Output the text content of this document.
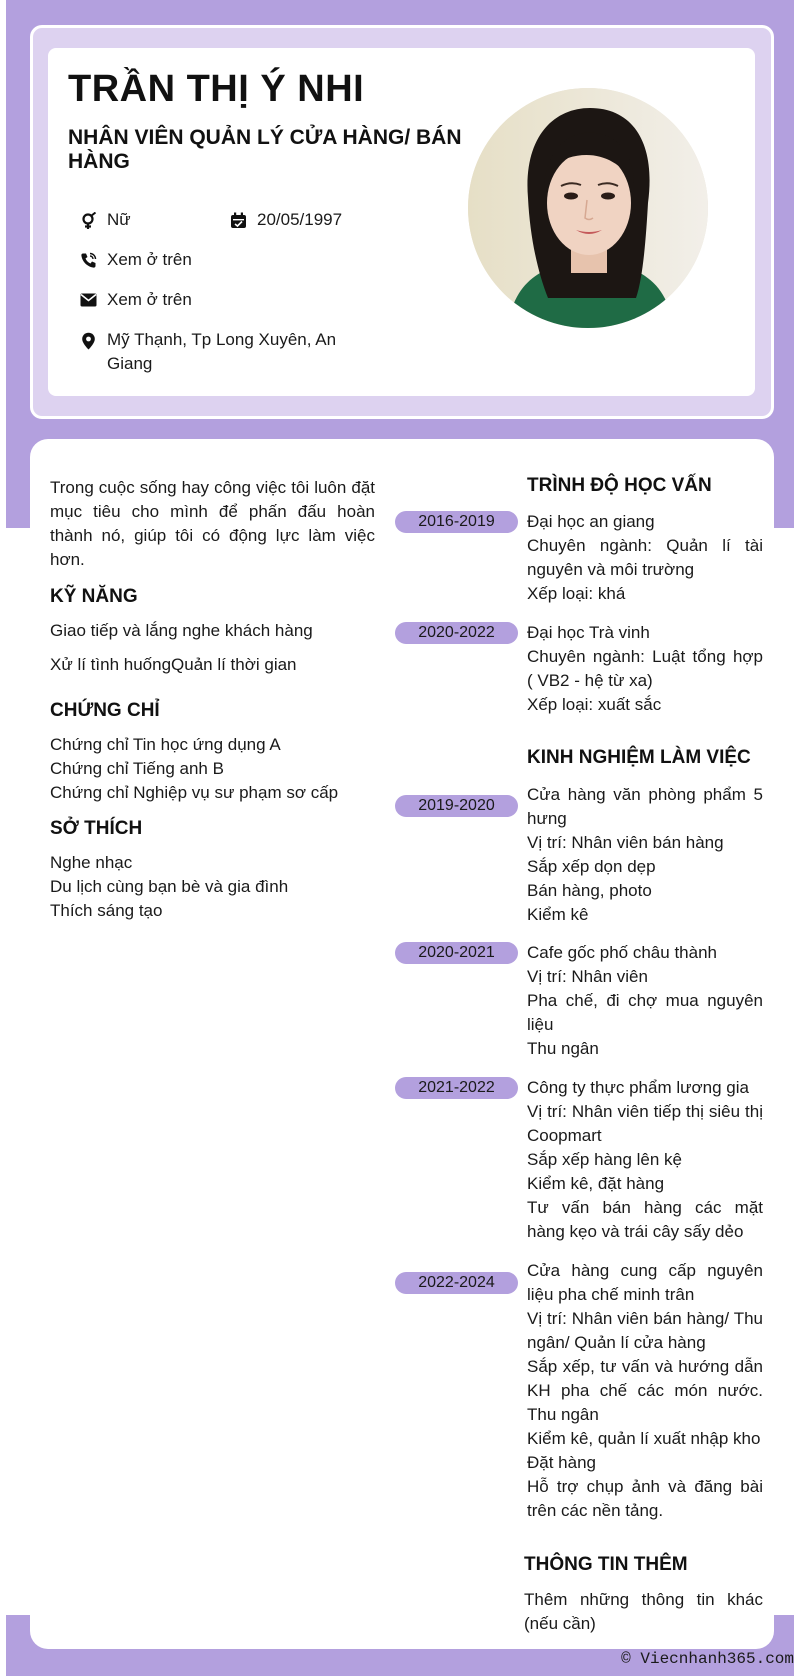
TRẦN THỊ Ý NHI
NHÂN VIÊN QUẢN LÝ CỬA HÀNG/ BÁN HÀNG
Nữ	20/05/1997
Xem ở trên
Xem ở trên
Mỹ Thạnh, Tp Long Xuyên, An Giang
Trong cuộc sống hay công việc tôi luôn đặt mục tiêu cho mình để phấn đấu hoàn thành nó, giúp tôi có động lực làm việc hơn.
KỸ NĂNG
Giao tiếp và lắng nghe khách hàng
Xử lí tình huốngQuản lí thời gian
CHỨNG CHỈ
Chứng chỉ Tin học ứng dụng A
Chứng chỉ Tiếng anh B
Chứng chỉ Nghiệp vụ sư phạm sơ cấp
SỞ THÍCH
Nghe nhạc
Du lịch cùng bạn bè và gia đình
Thích sáng tạo
TRÌNH ĐỘ HỌC VẤN
2016-2019	Đại học an giang
Chuyên ngành: Quản lí tài nguyên và môi trường
Xếp loại: khá
2020-2022	Đại học Trà vinh
Chuyên ngành: Luật tổng hợp ( VB2 - hệ từ xa)
Xếp loại: xuất sắc
KINH NGHIỆM LÀM VIỆC
2019-2020
Cửa hàng văn phòng phẩm 5 hưng
Vị trí: Nhân viên bán hàng
Sắp xếp dọn dẹp
Bán hàng, photo
Kiểm kê
2020-2021	Cafe gốc phố châu thành
Vị trí: Nhân viên
Pha chế, đi chợ mua nguyên liệu
Thu ngân
2021-2022	Công ty thực phẩm lương gia
Vị trí: Nhân viên tiếp thị siêu thị Coopmart
Sắp xếp hàng lên kệ
Kiểm kê, đặt hàng
Tư vấn bán hàng các mặt hàng kẹo và trái cây sấy dẻo
2022-2024
Cửa hàng cung cấp nguyên liệu pha chế minh trân
Vị trí: Nhân viên bán hàng/ Thu ngân/ Quản lí cửa hàng
Sắp xếp, tư vấn và hướng dẫn KH pha chế các món nước. Thu ngân
Kiểm kê, quản lí xuất nhập kho
Đặt hàng
Hỗ trợ chụp ảnh và đăng bài trên các nền tảng.
THÔNG TIN THÊM
Thêm những thông tin khác (nếu cần)
© Viecnhanh365.com
